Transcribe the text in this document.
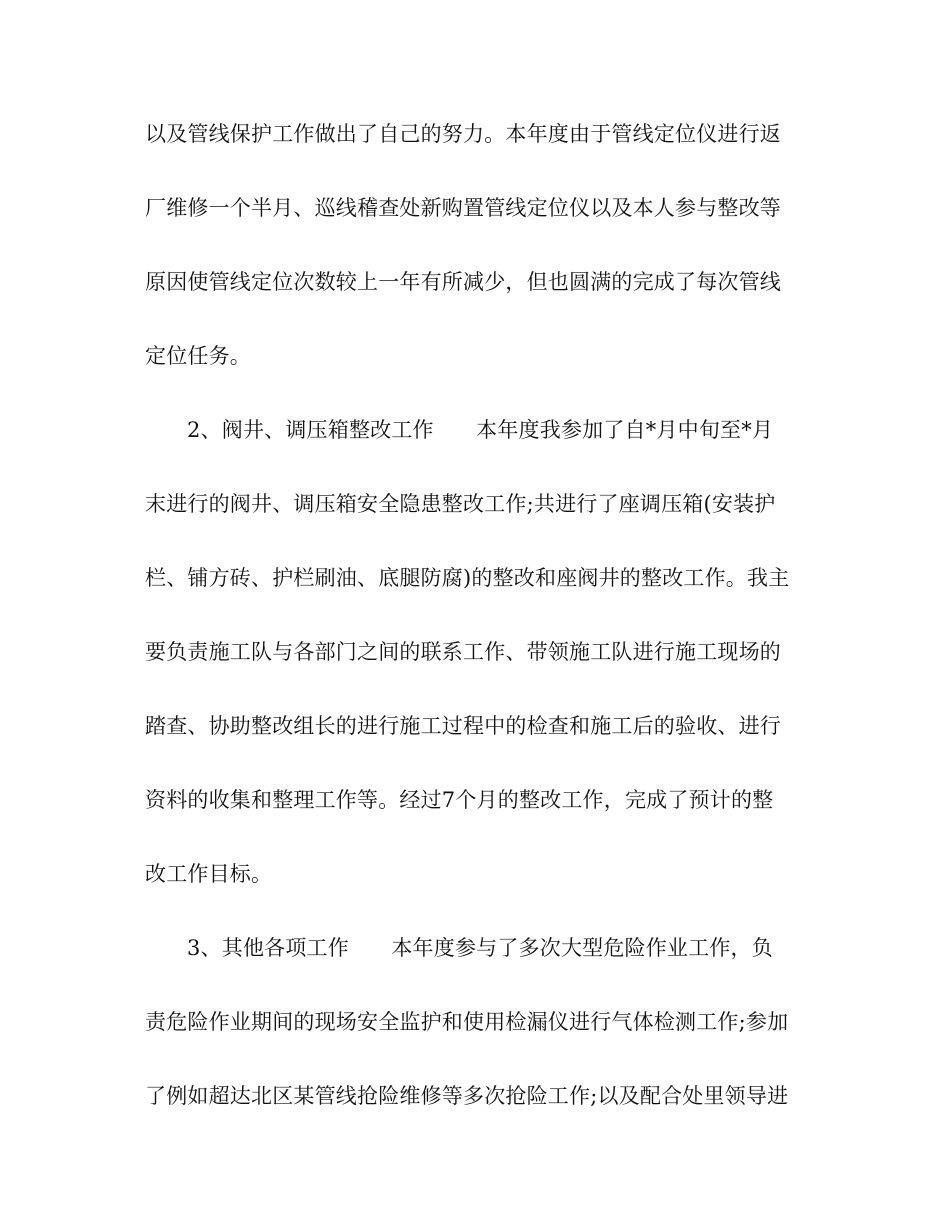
以及管线保护工作做出了自己的努力。本年度由于管线定位仪进行返
厂维修一个半月、巡线稽查处新购置管线定位仪以及本人参与整改等
原因使管线定位次数较上一年有所减少，但也圆满的完成了每次管线
定位任务。
2、阀井、调压箱整改工作　　本年度我参加了自*月中旬至*月
末进行的阀井、调压箱安全隐患整改工作;共进行了座调压箱(安装护
栏、铺方砖、护栏刷油、底腿防腐)的整改和座阀井的整改工作。我主
要负责施工队与各部门之间的联系工作、带领施工队进行施工现场的
踏查、协助整改组长的进行施工过程中的检查和施工后的验收、进行
资料的收集和整理工作等。经过7个月的整改工作，完成了预计的整
改工作目标。
3、其他各项工作　　本年度参与了多次大型危险作业工作，负
责危险作业期间的现场安全监护和使用检漏仪进行气体检测工作;参加
了例如超达北区某管线抢险维修等多次抢险工作;以及配合处里领导进
